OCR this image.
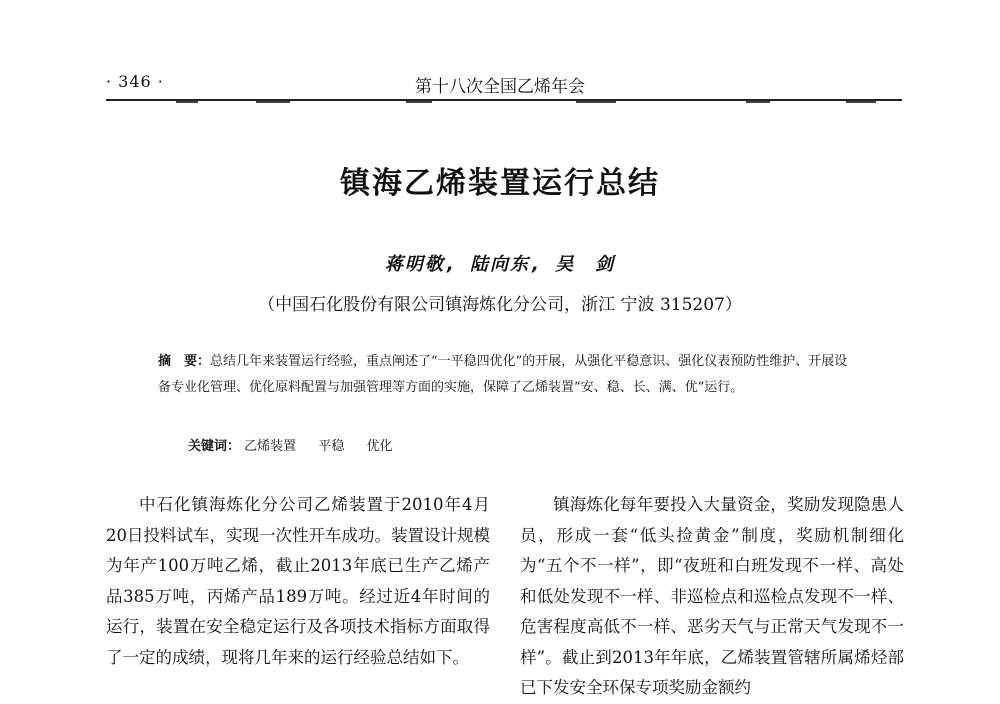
· 346 ·	第十八次全国乙烯年会
镇海乙烯装置运行总结
蒋明敬 , 陆向东 , 吴　剑
（中国石化股份有限公司镇海炼化分公司，浙江 宁波 315207）
摘　要：总结几年来装置运行经验，重点阐述了“一平稳四优化”的开展，从强化平稳意识、强化仪表预防性维护、开展设备专业化管理、优化原料配置与加强管理等方面的实施，保障了乙烯装置“安、稳、长、满、优”运行。
关键词： 乙烯装置 平稳 优化

中石化镇海炼化分公司乙烯装置于2010年4月20日投料试车，实现一次性开车成功。装置设计规模为年产100万吨乙烯，截止2013年底已生产乙烯产品385万吨，丙烯产品189万吨。经过近4年时间的运行，装置在安全稳定运行及各项技术指标方面取得了一定的成绩，现将几年来的运行经验总结如下。

镇海炼化每年要投入大量资金，奖励发现隐患人员，形成一套“低头捡黄金”制度，奖励机制细化为“五个不一样”，即“夜班和白班发现不一样、高处和低处发现不一样、非巡检点和巡检点发现不一样、危害程度高低不一样、恶劣天气与正常天气发现不一样”。截止到2013年年底，乙烯装置管辖所属烯烃部已下发安全环保专项奖励金额约
